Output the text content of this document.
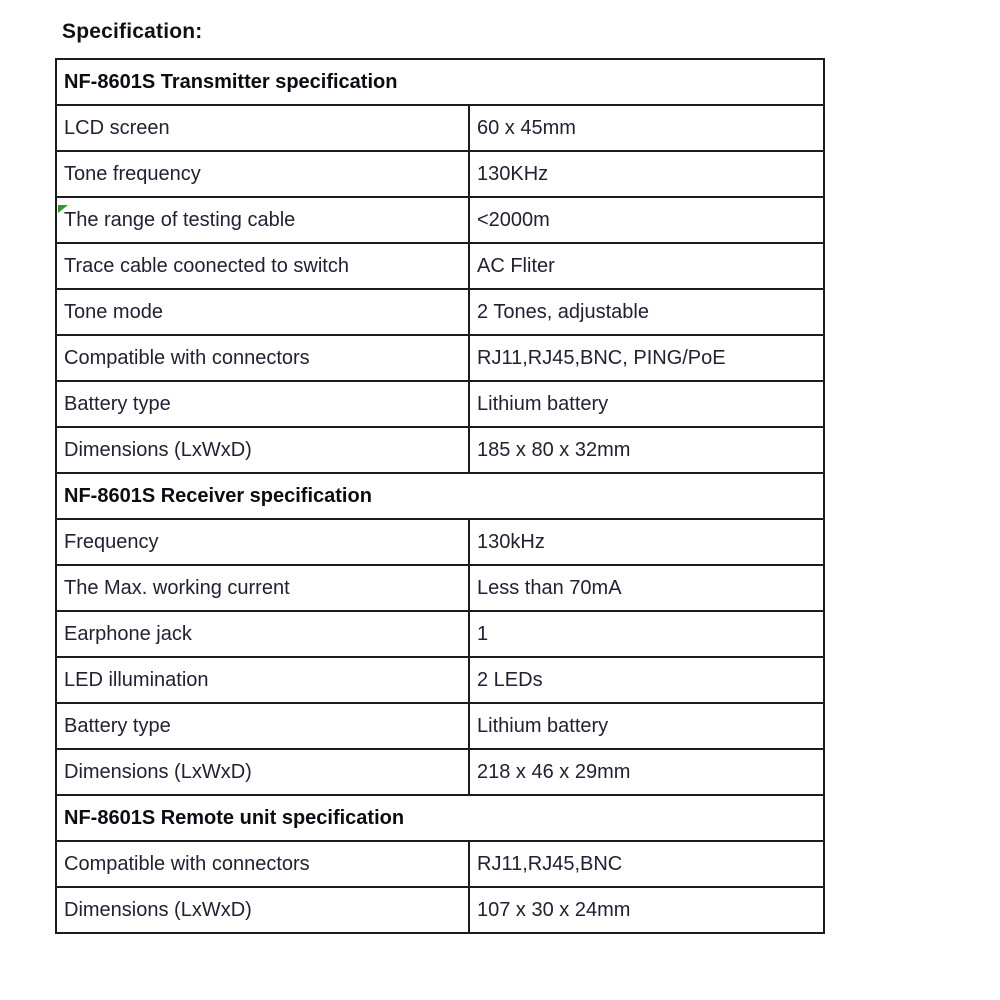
Specification:
NF-8601S Transmitter specification	
LCD screen	60 x 45mm
Tone frequency	130KHz
The range of testing cable	<2000m
Trace cable coonected to switch	AC Fliter
Tone mode	2 Tones, adjustable
Compatible with connectors	RJ11,RJ45,BNC, PING/PoE
Battery type	Lithium battery
Dimensions (LxWxD)	185 x 80 x 32mm
NF-8601S Receiver specification	
Frequency	130kHz
The Max. working current	Less than 70mA
Earphone jack	1
LED illumination	2 LEDs
Battery type	Lithium battery
Dimensions (LxWxD)	218 x 46 x 29mm
NF-8601S Remote unit specification	
Compatible with connectors	RJ11,RJ45,BNC
Dimensions (LxWxD)	107 x 30 x 24mm
